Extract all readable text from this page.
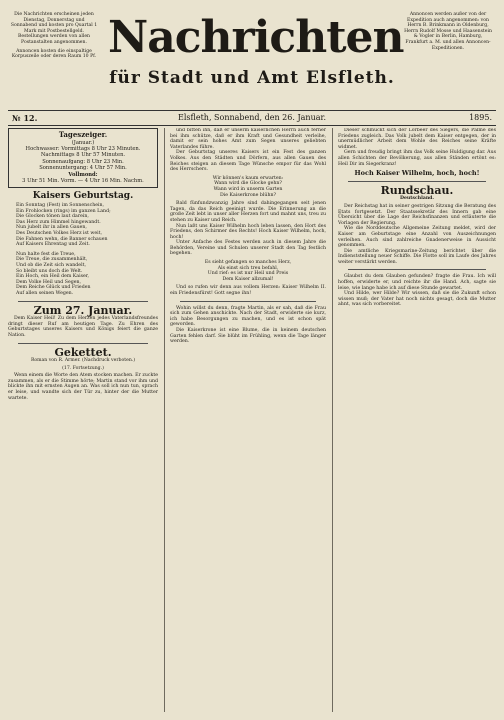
Die Nachrichten erscheinen jeden Dienstag, Donnerstag und Sonnabend und kosten pro Quartal 1 Mark mit Postbestellgeld. Bestellungen werden von allen Postanstalten angenommen.
Annoncen kosten die einspaltige Korpuszeile oder deren Raum 10 Pf. Nachrichten
für Stadt und Amt Elsfleth.
Annoncen werden außer von der Expedition auch angenommen: von Herrn B. Brinkmann in Oldenburg, Herrn Rudolf Mosse und Haasenstein & Vogler in Berlin, Hamburg, Frankfurt a. M. und allen Annoncen-Expeditionen.
№ 12.	Elsfleth, Sonnabend, den 26. Januar.	1895.
Tageszeiger.

(Januar.)

Hochwasser: Vormittags 8 Uhr 23 Minuten. Nachmittags 8 Uhr 57 Minuten.

Sonnenaufgang: 8 Uhr 23 Min.

Sonnenuntergang: 4 Uhr 57 Min.

Vollmond:

3 Uhr 51 Min. Vorm. — 4 Uhr 16 Min. Nachm.

Kaisers Geburtstag.
Ein Sonntag (Fest) im Sonnenschein,
Ein Frohlocken (rings) im ganzen Land;
Die Glocken tönen laut darein,
Das Herz zum Himmel hingewandt.
Nun jubelt ihr in allen Gauen,
Des Deutschen Volkes Herz ist weit,
Die Fahnen wehn, die Banner schauen
Auf Kaisers Ehrentag und Zeit.
Nun halte fest die Treue,
Die Treue, die zusammenhält,
Und ob die Zeit sich wandelt,
So bleibt uns doch die Welt.
Ein Hoch, ein Heil dem Kaiser,
Dem Volke Heil und Segen,
Dem Reiche Glück und Frieden
Auf allen seinen Wegen.
Zum 27. Januar.

Dem Kaiser Heil! Zu dem Herzen jedes Vaterlandsfreundes dringt dieser Ruf am heutigen Tage. Zu Ehren des Geburtstages unseres Kaisers und Königs feiert die ganze Nation.

Gekettet.
Roman von R. Armer. (Nachdruck verboten.)
(17. Fortsetzung.)

Wenn einem die Worte den Atem stocken machen. Er zuckte zusammen, als er die Stimme hörte; Martin stand vor ihm und blickte ihn mit ernsten Augen an. Was soll ich nun tun, sprach er leise, und wandte sich der Tür zu, hinter der die Mutter wartete.

und bitten ihn, daß er unserm kaiserlichen Herrn auch ferner bei ihm schütze, daß er ihm Kraft und Gesundheit verleihe, damit er sein hohes Amt zum Segen unseres geliebten Vaterlandes führe.

Der Geburtstag unseres Kaisers ist ein Fest des ganzen Volkes. Aus den Städten und Dörfern, aus allen Gauen des Reiches steigen an diesem Tage Wünsche empor für das Wohl des Herrschers.

Wir können's kaum erwarten:
Wann wird die Glocke gehn?
Wann wird in unserm Garten
Die Kaiserkrone blühn?

Bald fünfundzwanzig Jahre sind dahingegangen seit jenen Tagen, da das Reich geeinigt wurde. Die Erinnerung an die große Zeit lebt in unser aller Herzen fort und mahnt uns, treu zu stehen zu Kaiser und Reich.

Nun laßt uns Kaiser Wilhelm hoch leben lassen, den Hort des Friedens, den Schirmer des Rechts! Hoch Kaiser Wilhelm, hoch, hoch!

Unter Anfache des Festes werden auch in diesem Jahre die Behörden, Vereine und Schulen unserer Stadt den Tag festlich begehen.

Es sieht gefangen so manches Herz,
Als einst sich treu befahl,
Und rief: es ist nur Heil und Preis
Dem Kaiser allzumal!

Und so rufen wir denn aus vollem Herzen: Kaiser Wilhelm II. ein Friedensfürst! Gott segne ihn!

Wohin willst du denn, fragte Martin, als er sah, daß die Frau sich zum Gehen anschickte. Nach der Stadt, erwiderte sie kurz, ich habe Besorgungen zu machen, und es ist schon spät geworden.

Die Kaiserkrone ist eine Blume, die in keinem deutschen Garten fehlen darf. Sie blüht im Frühling, wenn die Tage länger werden.

Dieser schmückt sich der Lorbeer des Siegers, die Palme des Friedens zugleich. Das Volk jubelt dem Kaiser entgegen, der in unermüdlicher Arbeit dem Wohle des Reiches seine Kräfte widmet.

Gern und freudig bringt ihm das Volk seine Huldigung dar. Aus allen Schichten der Bevölkerung, aus allen Ständen ertönt es: Heil Dir im Siegerkranz!

Hoch Kaiser Wilhelm, hoch, hoch!
Rundschau.
Deutschland.

Der Reichstag hat in seiner gestrigen Sitzung die Beratung des Etats fortgesetzt. Der Staatssekretär des Innern gab eine Übersicht über die Lage der Reichsfinanzen und erläuterte die Vorlagen der Regierung.

Wie die Norddeutsche Allgemeine Zeitung meldet, wird der Kaiser am Geburtstage eine Anzahl von Auszeichnungen verleihen. Auch sind zahlreiche Gnadenerweise in Aussicht genommen.

Die amtliche Kriegsmarine-Zeitung berichtet über die Indienststellung neuer Schiffe. Die Flotte soll im Laufe des Jahres weiter verstärkt werden.

Glaubst du dem Glauben gefunden? fragte die Frau. Ich will hoffen, erwiderte er, und reichte ihr die Hand. Ach, sagte sie leise, wie lange habe ich auf diese Stunde gewartet.

Und Hilde, wer Hilde? Wir wissen, daß sie die Zukunft schon wissen muß; der Vater hat noch nichts gesagt, doch die Mutter ahnt, was sich vorbereitet.
